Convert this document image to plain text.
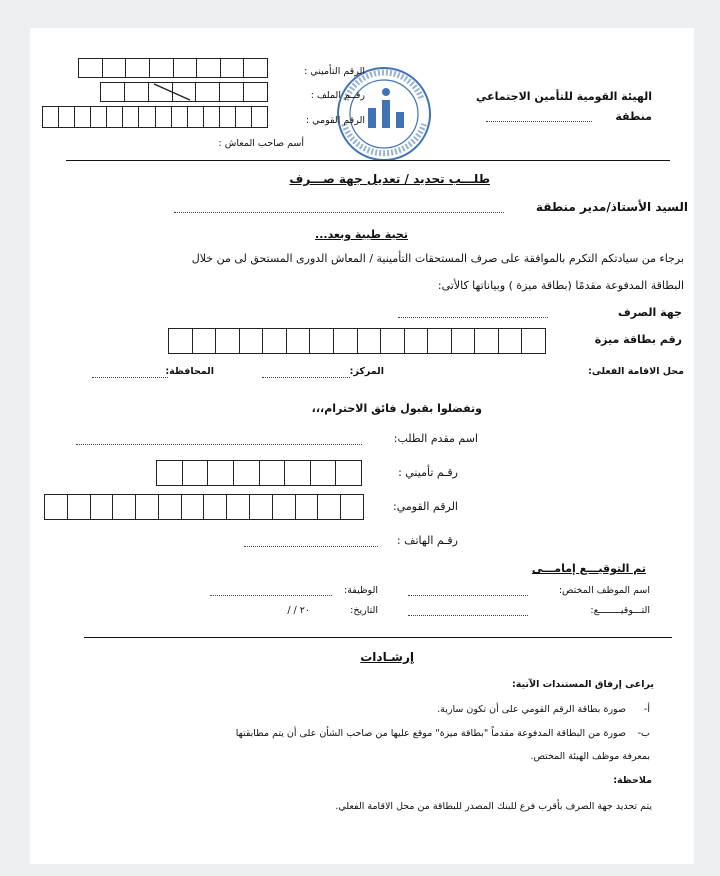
الهيئة القومية للتأمين الاجتماعي
منطقة
الرقم التأميني :
رقــم الملف :
الرقم القومي :
أسم صاحب المعاش :
طلـــب تحديد / تعديل جهة صـــرف
السيد الأستاذ/مدير منطقة
تحية طيبة وبعد...
برجاء من سيادتكم التكرم بالموافقة على صرف المستحقات التأمينية / المعاش الدورى المستحق لى من خلال
البطاقة المدفوعة مقدمًا (بطاقة ميزة ) وبياناتها كالأتى:
جهة الصرف
رقم بطاقة ميزة
محل الاقامة الفعلى:
المركز:
المحافظة:
وتفضلوا بقبول فائق الاحترام،،،
اسم مقدم الطلب:
رقـم تأميني :
الرقم القومي:
رقـم الهاتف :
تم التوقيـــع إمامـــى
اسم الموظف المختص:
الوظيفة:
التـــوقيــــــــع:
التاريخ:
/ / ٢٠
إرشـادات
يراعى إرفاق المستندات الآتية:
أ-
صورة بطاقة الرقم القومي على أن تكون سارية.
ب-
صورة من البطاقة المدفوعة مقدماً "بطاقة ميزة" موقع عليها من صاحب الشأن على أن يتم مطابقتها
بمعرفة موظف الهيئة المختص.
ملاحظة:
يتم تحديد جهة الصرف بأقرب فرع للبنك المصدر للبطاقة من محل الاقامة الفعلي.
